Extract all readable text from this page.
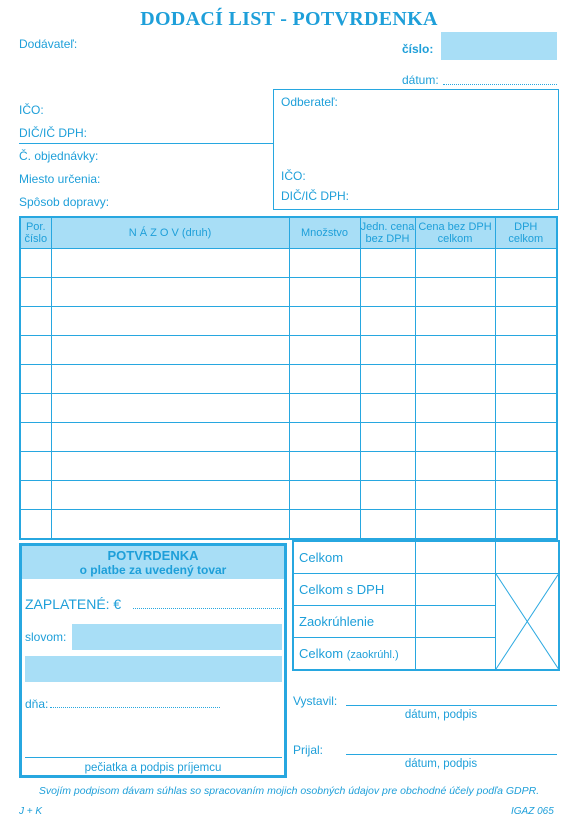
DODACÍ LIST - POTVRDENKA
Dodávateľ:	číslo:
dátum:
Odberateľ:
IČO:
DIČ/IČ DPH:
IČO:
DIČ/IČ DPH:
Č. objednávky:
Miesto určenia:
Spôsob dopravy:
Por. číslo	N Á Z O V (druh)	Množstvo	Jedn. cena bez DPH	Cena bez DPH celkom	DPH celkom

POTVRDENKA
o platbe za uvedený tovar
ZAPLATENÉ: €
slovom:
dňa:
pečiatka a podpis príjemcu
Celkom		
Celkom s DPH		

Zaokrúhlenie		
Celkom (zaokrúhl.)		
Vystavil:
dátum, podpis
Prijal:
dátum, podpis
Svojím podpisom dávam súhlas so spracovaním mojich osobných údajov pre obchodné účely podľa GDPR.
J + K	IGAZ 065
